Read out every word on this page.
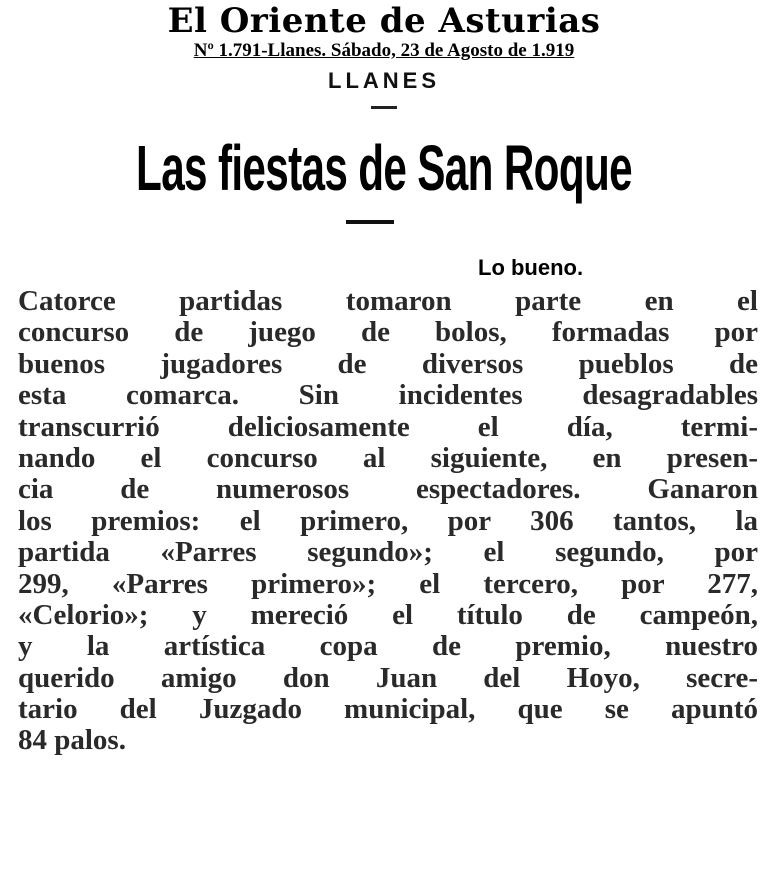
El Oriente de Asturias
Nº 1.791-Llanes. Sábado, 23 de Agosto de 1.919
LLANES
Las fiestas de San Roque
Lo bueno.
Catorce partidas tomaron parte en el
concurso de juego de bolos, formadas por
buenos jugadores de diversos pueblos de
esta comarca. Sin incidentes desagradables
transcurrió deliciosamente el día, termi-
nando el concurso al siguiente, en presen-
cia de numerosos espectadores. Ganaron
los premios: el primero, por 306 tantos, la
partida «Parres segundo»; el segundo, por
299, «Parres primero»; el tercero, por 277,
«Celorio»; y mereció el título de campeón,
y la artística copa de premio, nuestro
querido amigo don Juan del Hoyo, secre-
tario del Juzgado municipal, que se apuntó
84 palos.
